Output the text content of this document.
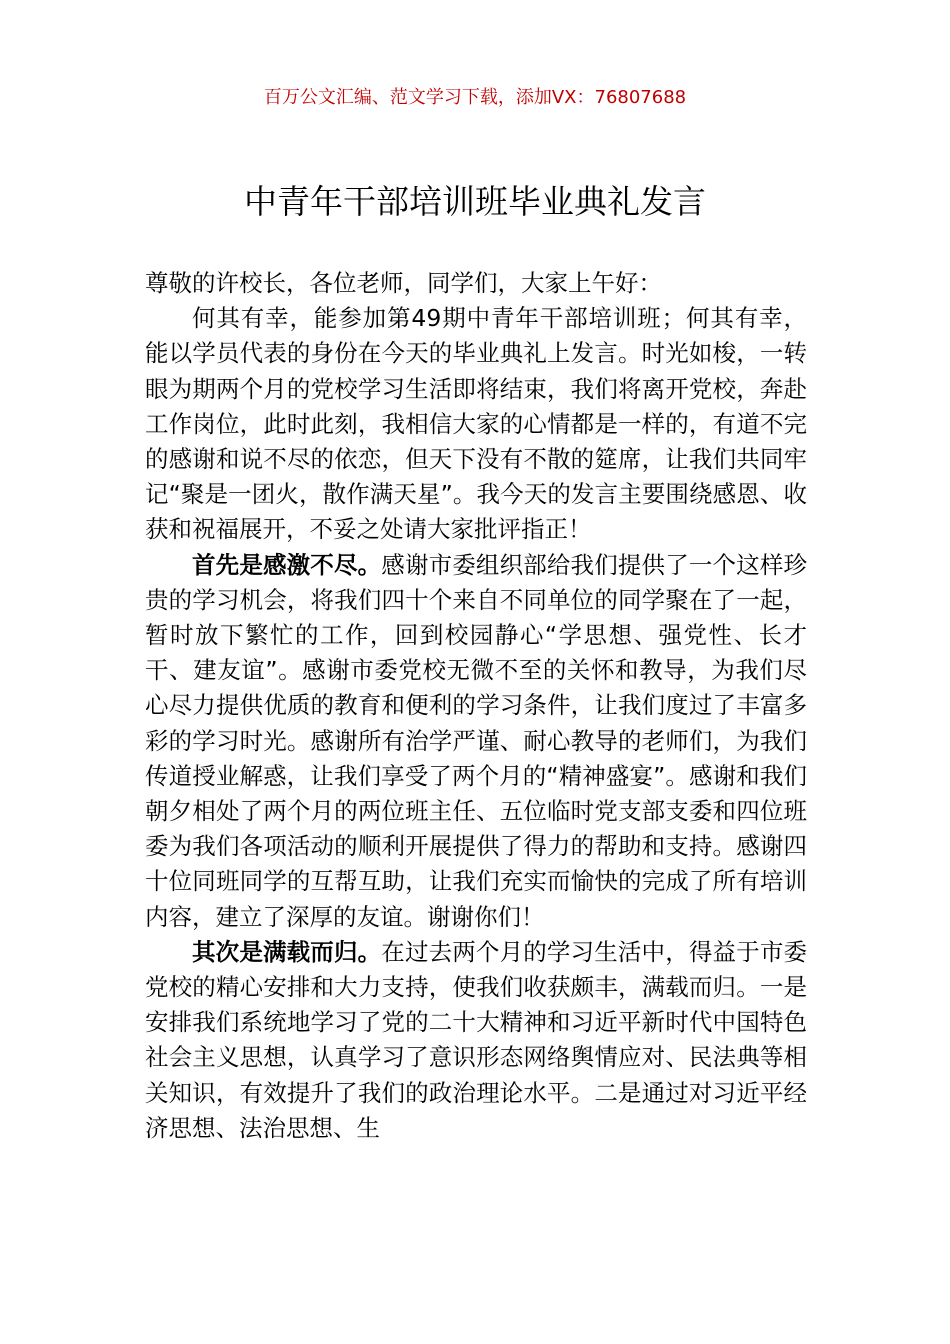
百万公文汇编、范文学习下载，添加VX：76807688
中青年干部培训班毕业典礼发言

尊敬的许校长，各位老师，同学们，大家上午好：

何其有幸，能参加第49期中青年干部培训班；何其有幸，能以学员代表的身份在今天的毕业典礼上发言。时光如梭，一转眼为期两个月的党校学习生活即将结束，我们将离开党校，奔赴工作岗位，此时此刻，我相信大家的心情都是一样的，有道不完的感谢和说不尽的依恋，但天下没有不散的筵席，让我们共同牢记“聚是一团火，散作满天星”。我今天的发言主要围绕感恩、收获和祝福展开，不妥之处请大家批评指正！

首先是感激不尽。感谢市委组织部给我们提供了一个这样珍贵的学习机会，将我们四十个来自不同单位的同学聚在了一起，暂时放下繁忙的工作，回到校园静心“学思想、强党性、长才干、建友谊”。感谢市委党校无微不至的关怀和教导，为我们尽心尽力提供优质的教育和便利的学习条件，让我们度过了丰富多彩的学习时光。感谢所有治学严谨、耐心教导的老师们，为我们传道授业解惑，让我们享受了两个月的“精神盛宴”。感谢和我们朝夕相处了两个月的两位班主任、五位临时党支部支委和四位班委为我们各项活动的顺利开展提供了得力的帮助和支持。感谢四十位同班同学的互帮互助，让我们充实而愉快的完成了所有培训内容，建立了深厚的友谊。谢谢你们！

其次是满载而归。在过去两个月的学习生活中，得益于市委党校的精心安排和大力支持，使我们收获颇丰，满载而归。一是安排我们系统地学习了党的二十大精神和习近平新时代中国特色社会主义思想，认真学习了意识形态网络舆情应对、民法典等相关知识，有效提升了我们的政治理论水平。二是通过对习近平经济思想、法治思想、生
